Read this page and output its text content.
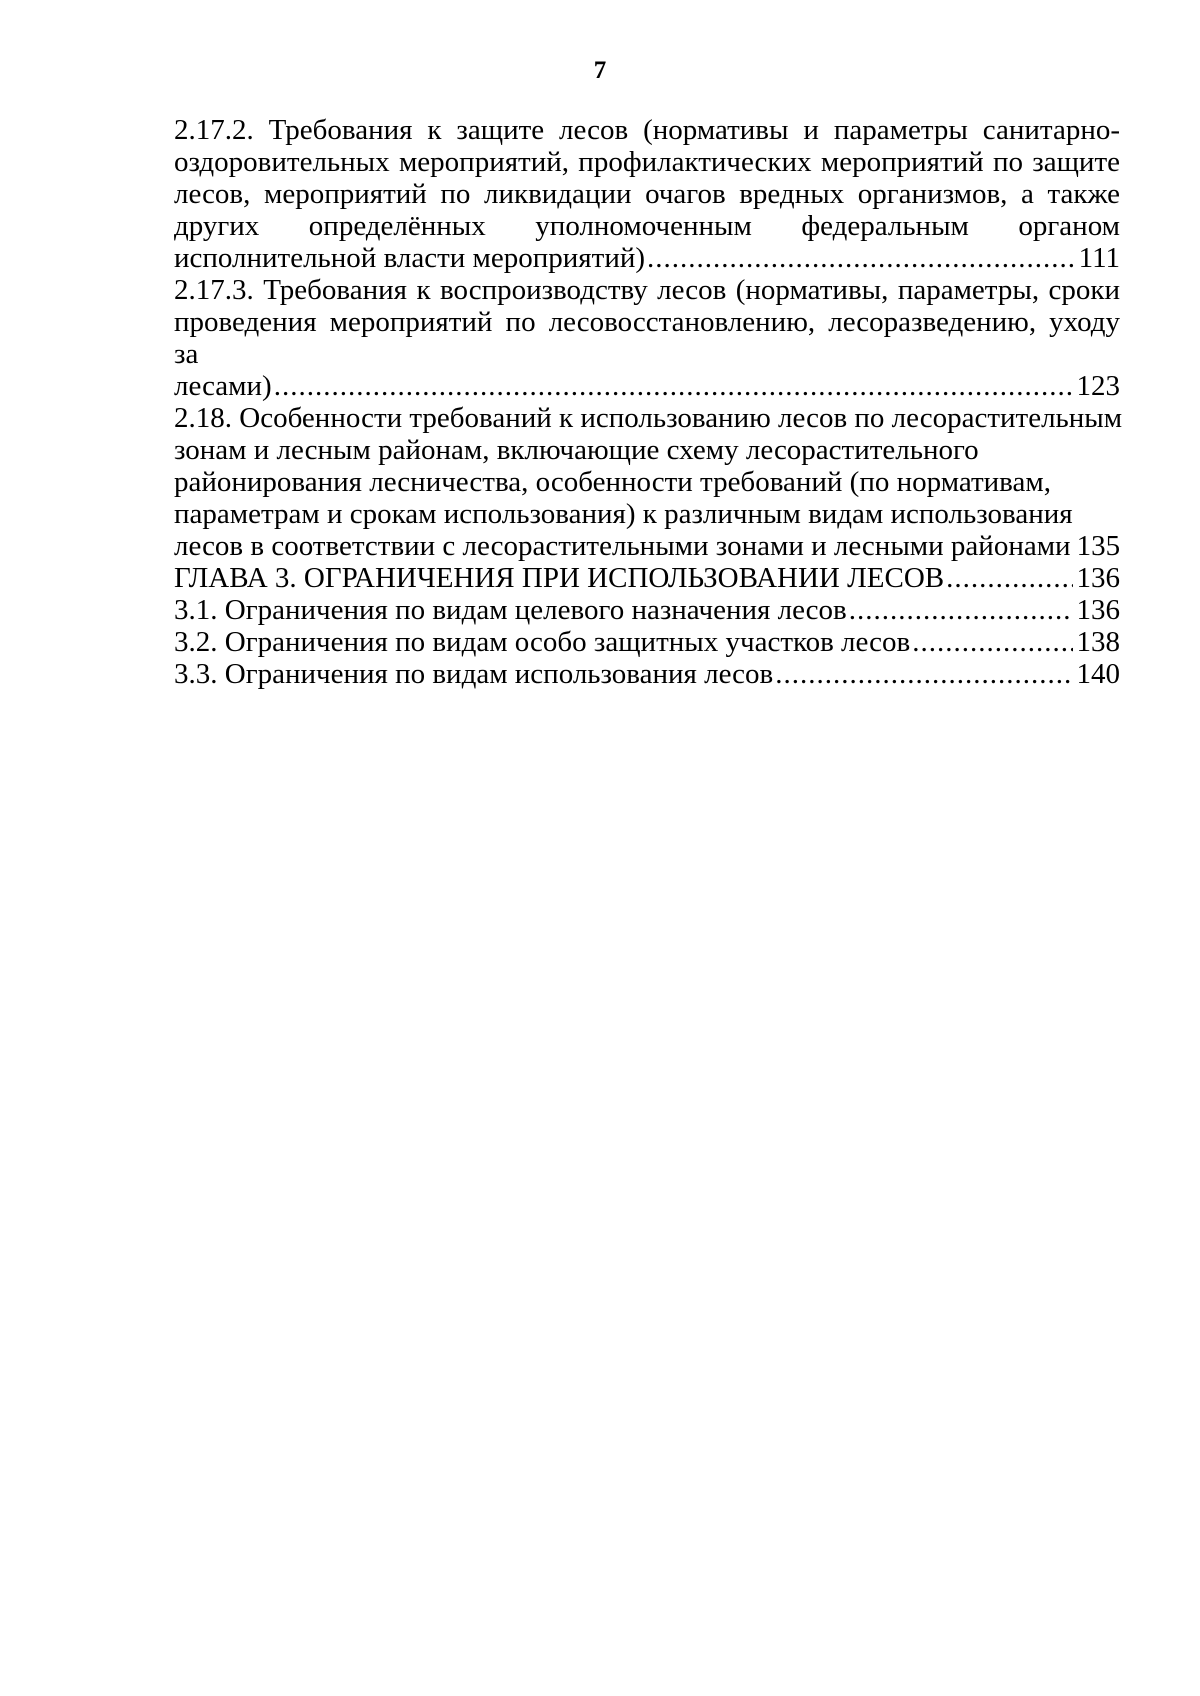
7
2.17.2. Требования к защите лесов (нормативы и параметры санитарно-
оздоровительных мероприятий, профилактических мероприятий по защите
лесов, мероприятий по ликвидации очагов вредных организмов, а также
других определённых уполномоченным федеральным органом
исполнительной власти мероприятий) .....	111
2.17.3. Требования к воспроизводству лесов (нормативы, параметры, сроки
проведения мероприятий по лесовосстановлению, лесоразведению, уходу за
лесами) .....	123
2.18. Особенности требований к использованию лесов по лесорастительным
зонам и лесным районам, включающие схему лесорастительного
районирования лесничества, особенности требований (по нормативам,
параметрам и срокам использования) к различным видам использования
лесов в соответствии с лесорастительными зонами и лесными районами 135
ГЛАВА 3. ОГРАНИЧЕНИЯ ПРИ ИСПОЛЬЗОВАНИИ ЛЕСОВ .....	136
3.1. Ограничения по видам целевого назначения лесов .....	136
3.2. Ограничения по видам особо защитных участков лесов .....	138
3.3. Ограничения по видам использования лесов .....	140
